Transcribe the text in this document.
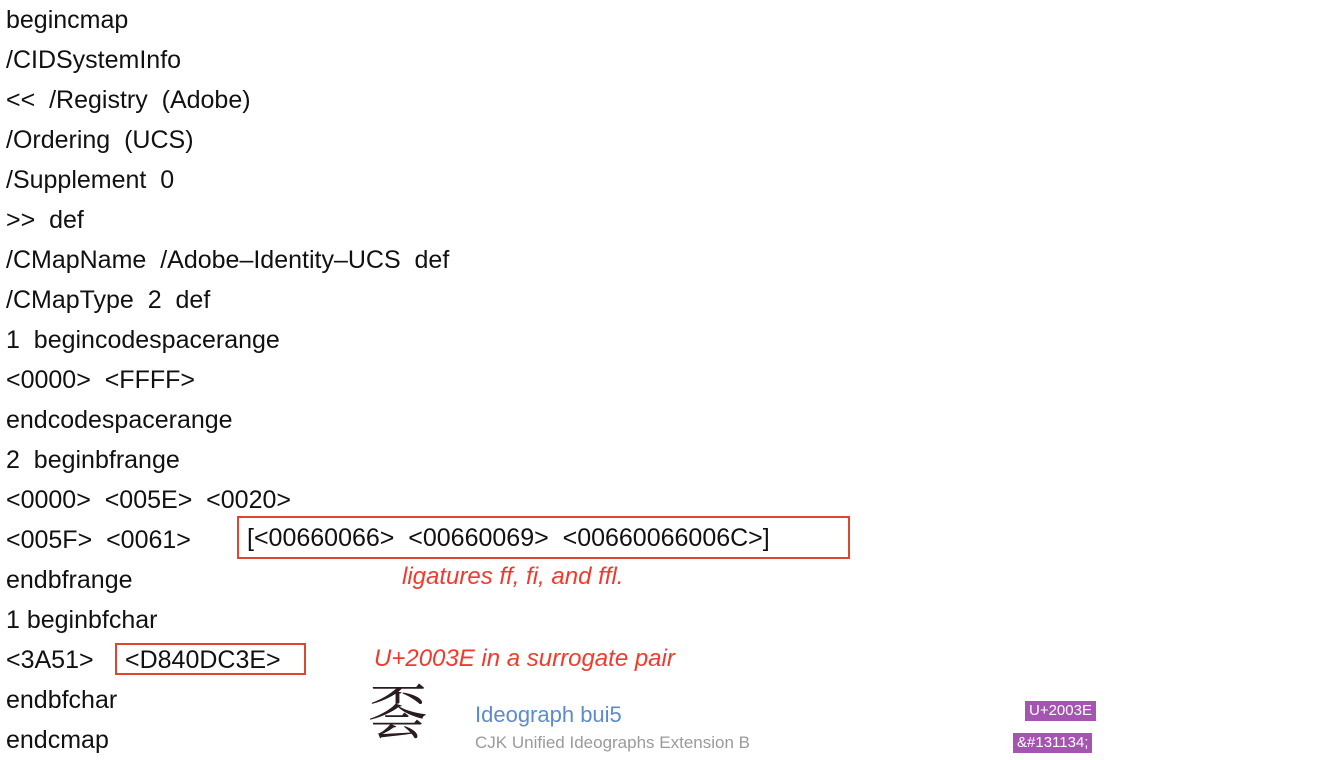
begincmap
/CIDSystemInfo
<<  /Registry  (Adobe)
/Ordering  (UCS)
/Supplement  0
>>  def
/CMapName  /Adobe–Identity–UCS  def
/CMapType  2  def
1  begincodespacerange
<0000>  <FFFF>
endcodespacerange
2  beginbfrange
<0000>  <005E>  <0020>
<005F>  <0061>
endbfrange
1 beginbfchar
<3A51>
endbfchar
endcmap
[<00660066>  <00660069>  <00660066006C>]
<D840DC3E>
ligatures ff, fi, and ffl.
U+2003E in a surrogate pair
𠀾 Ideograph bui5
CJK Unified Ideographs Extension B
U+2003E
&#131134;
